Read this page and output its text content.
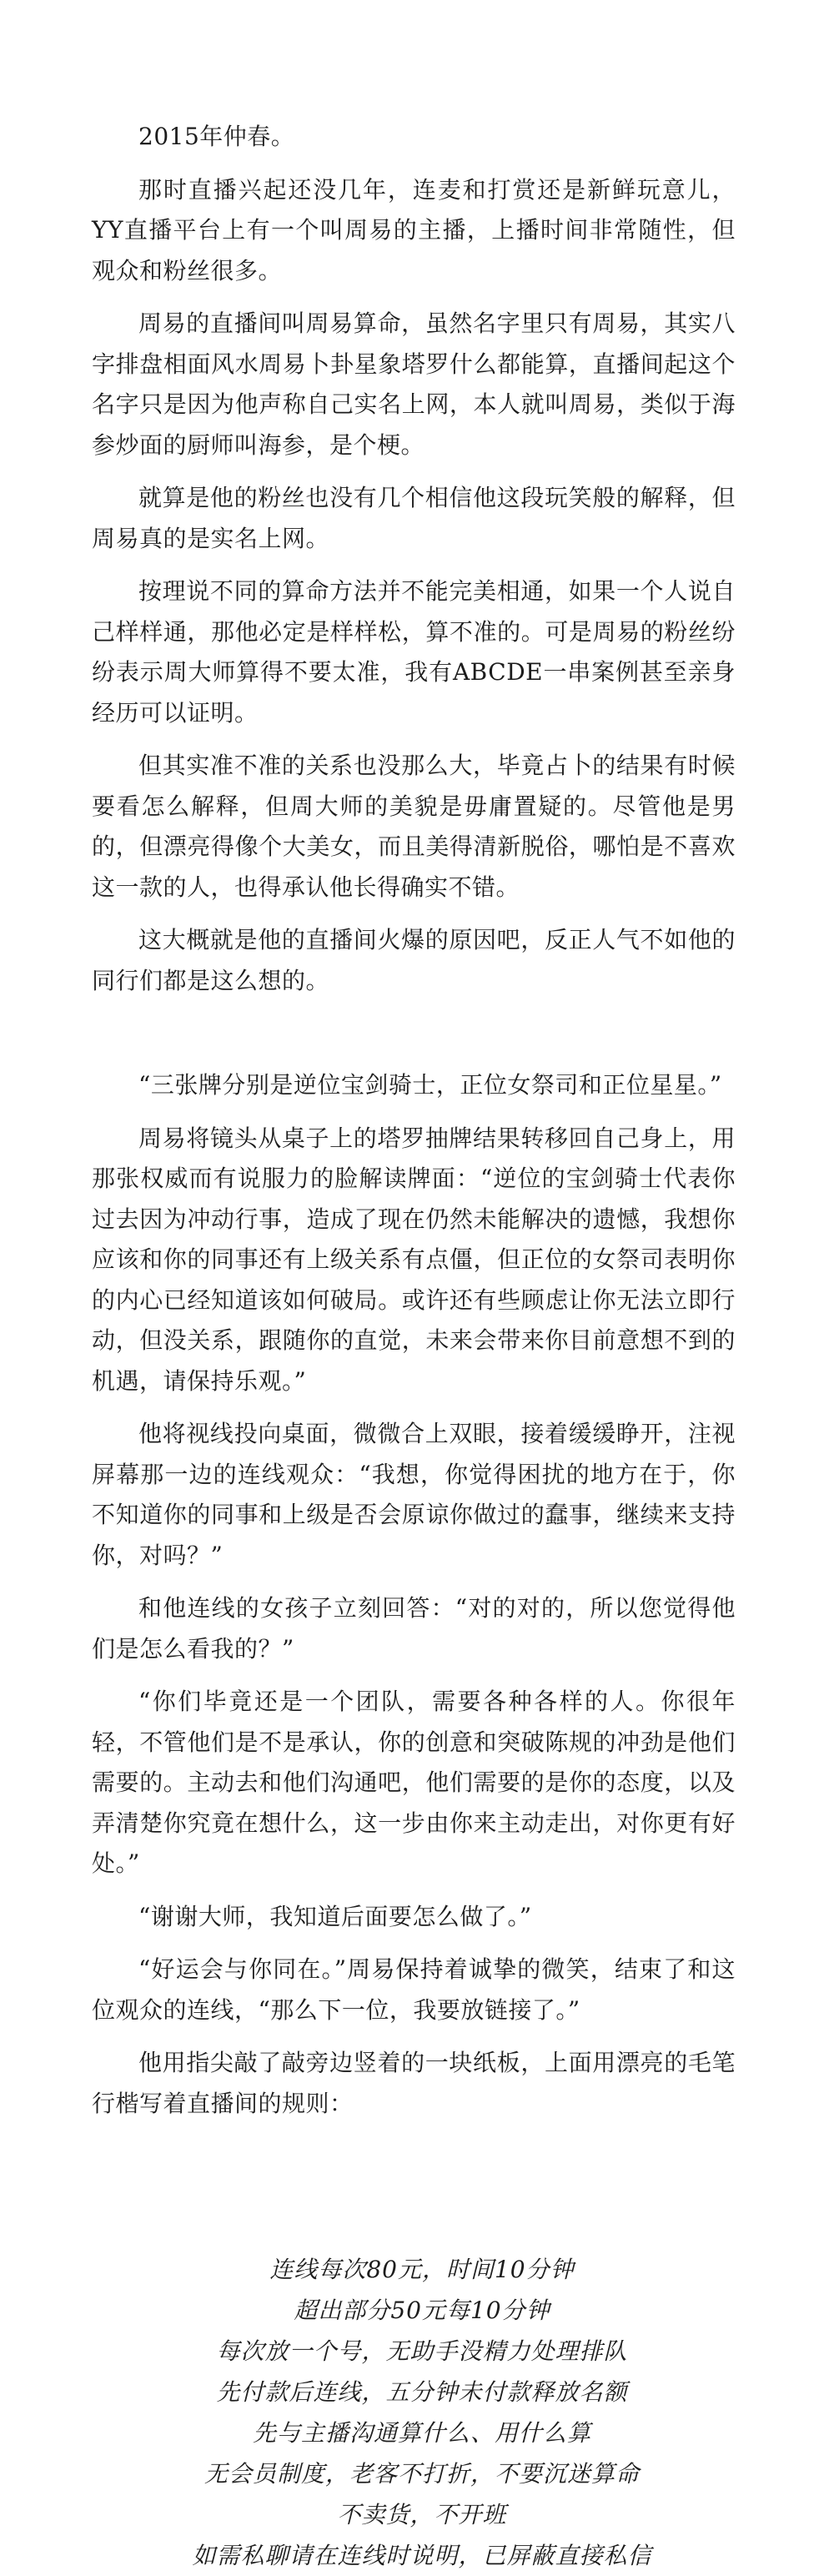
2015年仲春。

那时直播兴起还没几年，连麦和打赏还是新鲜玩意儿，YY直播平台上有一个叫周易的主播，上播时间非常随性，但观众和粉丝很多。

周易的直播间叫周易算命，虽然名字里只有周易，其实八字排盘相面风水周易卜卦星象塔罗什么都能算，直播间起这个名字只是因为他声称自己实名上网，本人就叫周易，类似于海参炒面的厨师叫海参，是个梗。

就算是他的粉丝也没有几个相信他这段玩笑般的解释，但周易真的是实名上网。

按理说不同的算命方法并不能完美相通，如果一个人说自己样样通，那他必定是样样松，算不准的。可是周易的粉丝纷纷表示周大师算得不要太准，我有ABCDE一串案例甚至亲身经历可以证明。

但其实准不准的关系也没那么大，毕竟占卜的结果有时候要看怎么解释，但周大师的美貌是毋庸置疑的。尽管他是男的，但漂亮得像个大美女，而且美得清新脱俗，哪怕是不喜欢这一款的人，也得承认他长得确实不错。

这大概就是他的直播间火爆的原因吧，反正人气不如他的同行们都是这么想的。

“三张牌分别是逆位宝剑骑士，正位女祭司和正位星星。”

周易将镜头从桌子上的塔罗抽牌结果转移回自己身上，用那张权威而有说服力的脸解读牌面：“逆位的宝剑骑士代表你过去因为冲动行事，造成了现在仍然未能解决的遗憾，我想你应该和你的同事还有上级关系有点僵，但正位的女祭司表明你的内心已经知道该如何破局。或许还有些顾虑让你无法立即行动，但没关系，跟随你的直觉，未来会带来你目前意想不到的机遇，请保持乐观。”

他将视线投向桌面，微微合上双眼，接着缓缓睁开，注视屏幕那一边的连线观众：“我想，你觉得困扰的地方在于，你不知道你的同事和上级是否会原谅你做过的蠢事，继续来支持你，对吗？”

和他连线的女孩子立刻回答：“对的对的，所以您觉得他们是怎么看我的？”

“你们毕竟还是一个团队，需要各种各样的人。你很年轻，不管他们是不是承认，你的创意和突破陈规的冲劲是他们需要的。主动去和他们沟通吧，他们需要的是你的态度，以及弄清楚你究竟在想什么，这一步由你来主动走出，对你更有好处。”

“谢谢大师，我知道后面要怎么做了。”

“好运会与你同在。”周易保持着诚挚的微笑，结束了和这位观众的连线，“那么下一位，我要放链接了。”

他用指尖敲了敲旁边竖着的一块纸板，上面用漂亮的毛笔行楷写着直播间的规则：

连线每次80元，时间10分钟
超出部分50元每10分钟
每次放一个号，无助手没精力处理排队
先付款后连线，五分钟未付款释放名额
先与主播沟通算什么、用什么算
无会员制度，老客不打折，不要沉迷算命
不卖货，不开班
如需私聊请在连线时说明，已屏蔽直接私信
